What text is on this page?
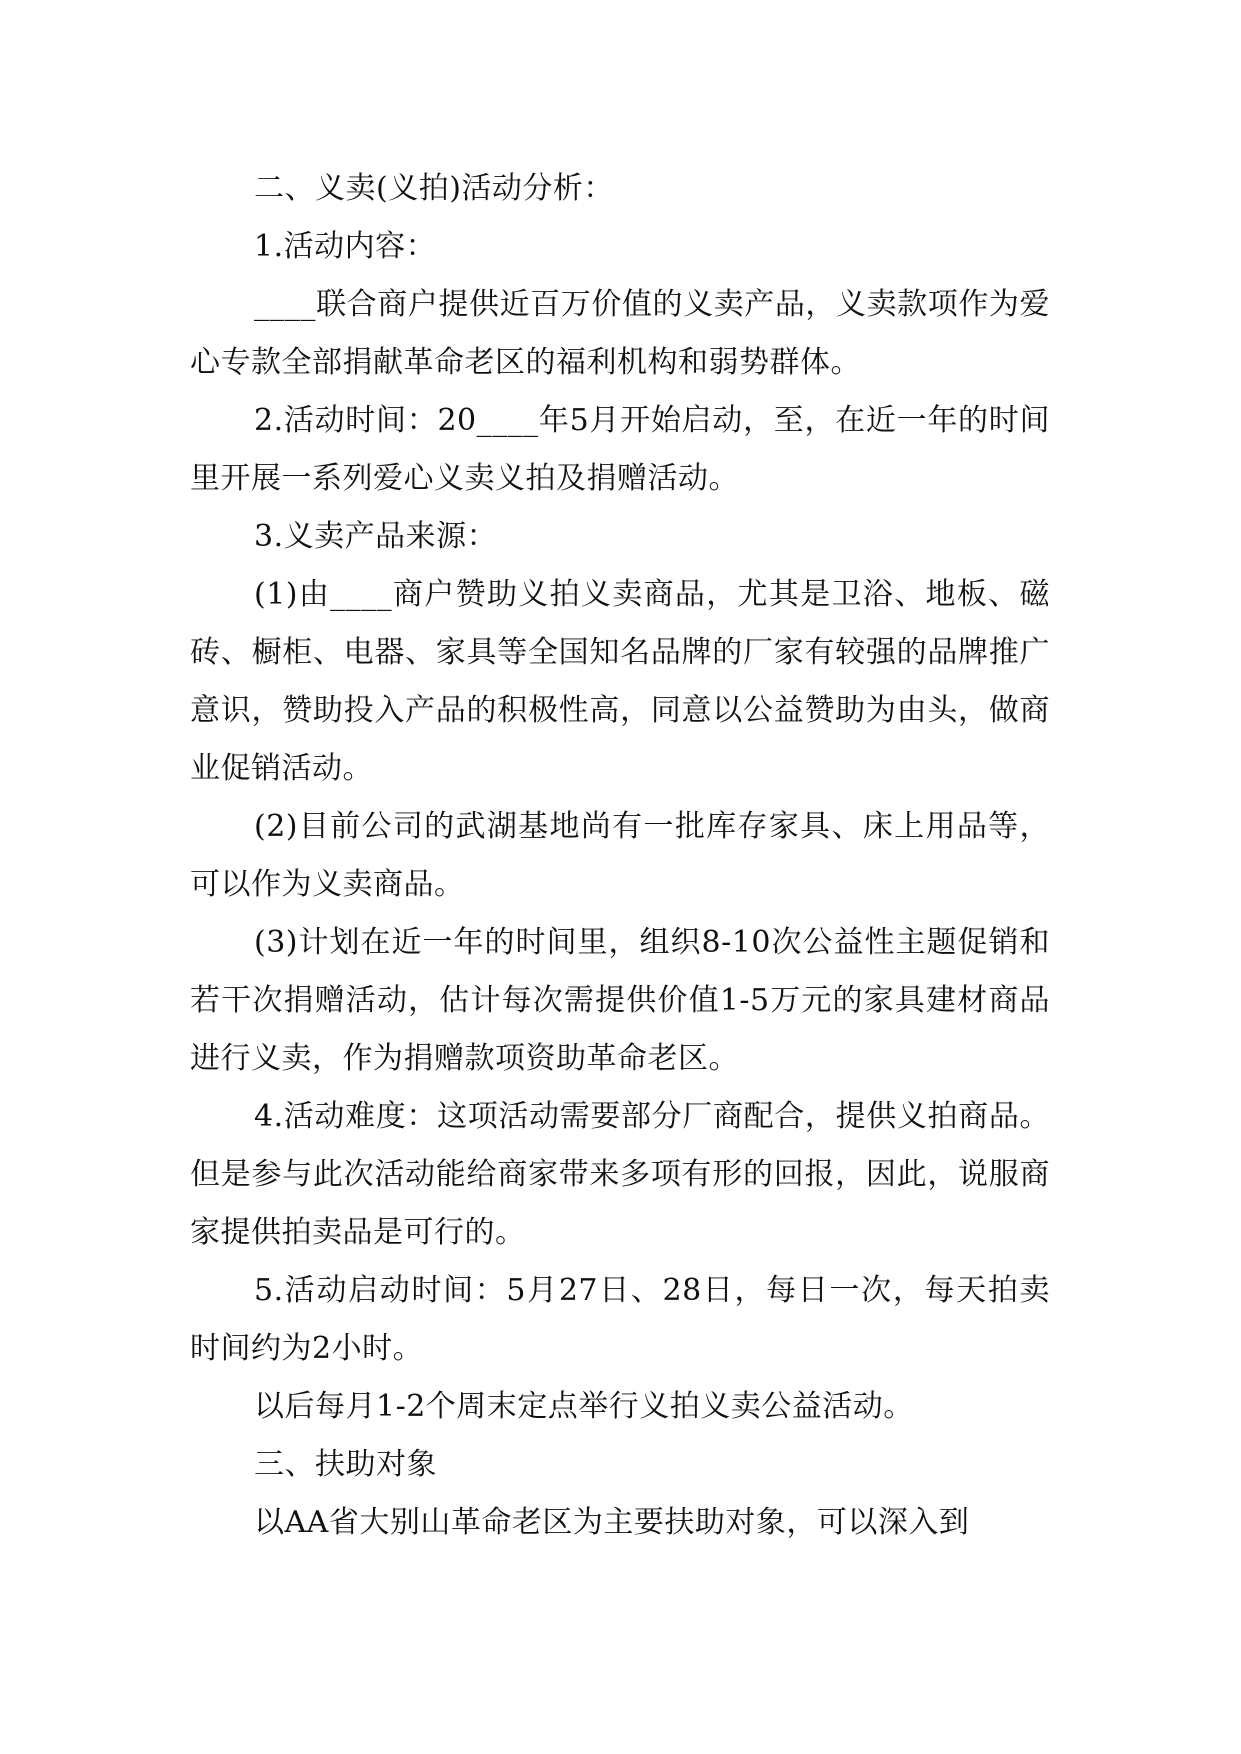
二、义卖(义拍)活动分析：

1.活动内容：

____联合商户提供近百万价值的义卖产品，义卖款项作为爱心专款全部捐献革命老区的福利机构和弱势群体。

2.活动时间：20____年5月开始启动，至，在近一年的时间里开展一系列爱心义卖义拍及捐赠活动。

3.义卖产品来源：

(1)由____商户赞助义拍义卖商品，尤其是卫浴、地板、磁砖、橱柜、电器、家具等全国知名品牌的厂家有较强的品牌推广意识，赞助投入产品的积极性高，同意以公益赞助为由头，做商业促销活动。

(2)目前公司的武湖基地尚有一批库存家具、床上用品等，可以作为义卖商品。

(3)计划在近一年的时间里，组织8-10次公益性主题促销和若干次捐赠活动，估计每次需提供价值1-5万元的家具建材商品进行义卖，作为捐赠款项资助革命老区。

4.活动难度：这项活动需要部分厂商配合，提供义拍商品。但是参与此次活动能给商家带来多项有形的回报，因此，说服商家提供拍卖品是可行的。

5.活动启动时间：5月27日、28日，每日一次，每天拍卖时间约为2小时。

以后每月1-2个周末定点举行义拍义卖公益活动。

三、扶助对象

以AA省大别山革命老区为主要扶助对象，可以深入到
